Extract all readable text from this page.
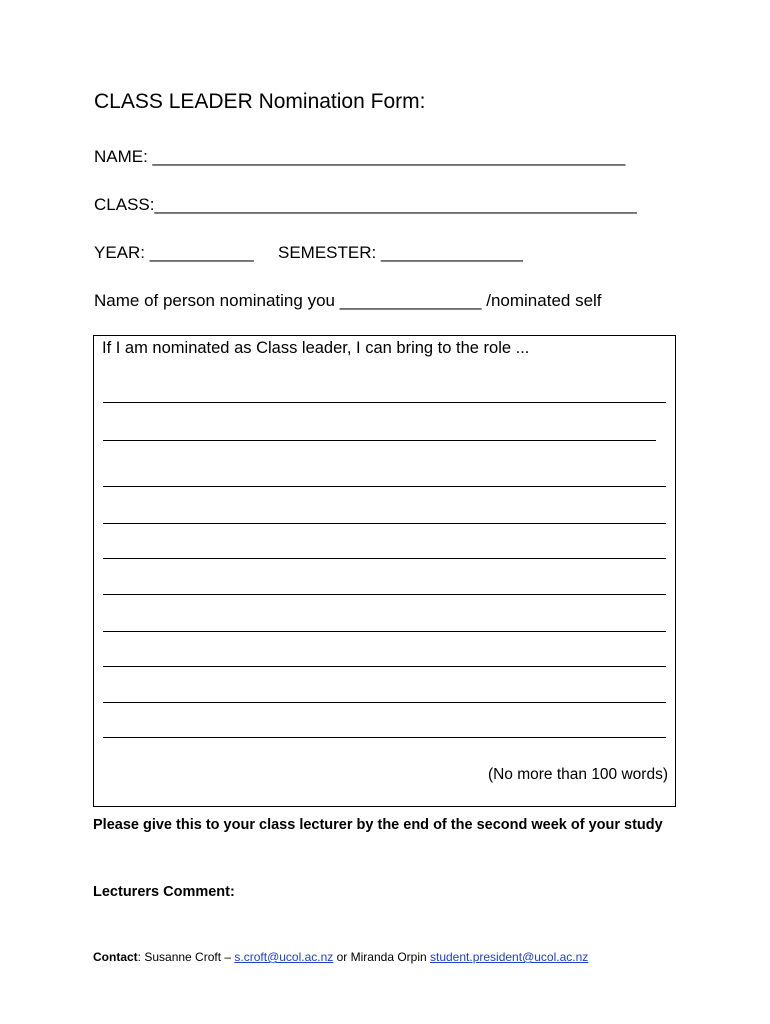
CLASS LEADER Nomination Form:
NAME: __________________________________________________
CLASS:___________________________________________________
YEAR: ___________ SEMESTER: _______________
Name of person nominating you _______________ /nominated self
If I am nominated as Class leader, I can bring to the role ...
(No more than 100 words)
Please give this to your class lecturer by the end of the second week of your study
Lecturers Comment:
Contact: Susanne Croft – s.croft@ucol.ac.nz or Miranda Orpin student.president@ucol.ac.nz
